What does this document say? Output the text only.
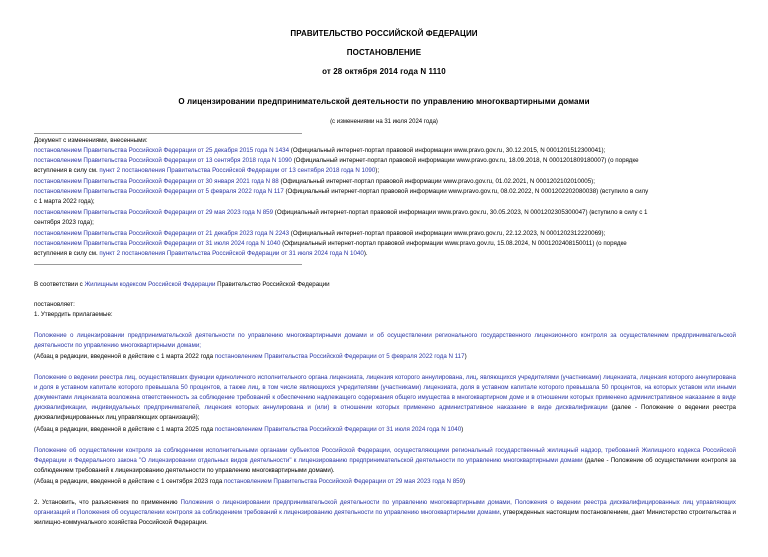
ПРАВИТЕЛЬСТВО РОССИЙСКОЙ ФЕДЕРАЦИИ
ПОСТАНОВЛЕНИЕ
от 28 октября 2014 года N 1110
О лицензировании предпринимательской деятельности по управлению многоквартирными домами
(с изменениями на 31 июля 2024 года)
Документ с изменениями, внесенными:
постановлением Правительства Российской Федерации от 25 декабря 2015 года N 1434 (Официальный интернет-портал правовой информации www.pravo.gov.ru, 30.12.2015, N 0001201512300041);
постановлением Правительства Российской Федерации от 13 сентября 2018 года N 1090 (Официальный интернет-портал правовой информации www.pravo.gov.ru, 18.09.2018, N 0001201809180007) (о порядке
вступления в силу см. пункт 2 постановления Правительства Российской Федерации от 13 сентября 2018 года N 1090);
постановлением Правительства Российской Федерации от 30 января 2021 года N 88 (Официальный интернет-портал правовой информации www.pravo.gov.ru, 01.02.2021, N 0001202102010005);
постановлением Правительства Российской Федерации от 5 февраля 2022 года N 117 (Официальный интернет-портал правовой информации www.pravo.gov.ru, 08.02.2022, N 0001202202080038) (вступило в силу
с 1 марта 2022 года);
постановлением Правительства Российской Федерации от 29 мая 2023 года N 859 (Официальный интернет-портал правовой информации www.pravo.gov.ru, 30.05.2023, N 0001202305300047) (вступило в силу с 1
сентября 2023 года);
постановлением Правительства Российской Федерации от 21 декабря 2023 года N 2243 (Официальный интернет-портал правовой информации www.pravo.gov.ru, 22.12.2023, N 0001202312220069);
постановлением Правительства Российской Федерации от 31 июля 2024 года N 1040 (Официальный интернет-портал правовой информации www.pravo.gov.ru, 15.08.2024, N 0001202408150011) (о порядке
вступления в силу см. пункт 2 постановления Правительства Российской Федерации от 31 июля 2024 года N 1040).
В соответствии с Жилищным кодексом Российской Федерации Правительство Российской Федерации
постановляет:
1. Утвердить прилагаемые:
Положение о лицензировании предпринимательской деятельности по управлению многоквартирными домами и об осуществлении регионального государственного лицензионного контроля за осуществлением предпринимательской деятельности по управлению многоквартирными домами;
(Абзац в редакции, введенной в действие с 1 марта 2022 года постановлением Правительства Российской Федерации от 5 февраля 2022 года N 117)
Положение о ведении реестра лиц, осуществлявших функции единоличного исполнительного органа лицензиата, лицензия которого аннулирована, лиц, являющихся учредителями (участниками) лицензиата, лицензия которого аннулирована и доля в уставном капитале которого превышала 50 процентов, а также лиц, в том числе являющихся учредителями (участниками) лицензиата, доля в уставном капитале которого превышала 50 процентов, на которых уставом или иными документами лицензиата возложена ответственность за соблюдение требований к обеспечению надлежащего содержания общего имущества в многоквартирном доме и в отношении которых применено административное наказание в виде дисквалификации, индивидуальных предпринимателей, лицензия которых аннулирована и (или) в отношении которых применено административное наказание в виде дисквалификации (далее - Положение о ведении реестра дисквалифицированных лиц управляющих организаций);
(Абзац в редакции, введенной в действие с 1 марта 2025 года постановлением Правительства Российской Федерации от 31 июля 2024 года N 1040)
Положение об осуществлении контроля за соблюдением исполнительными органами субъектов Российской Федерации, осуществляющими региональный государственный жилищный надзор, требований Жилищного кодекса Российской Федерации и Федерального закона "О лицензировании отдельных видов деятельности" к лицензированию предпринимательской деятельности по управлению многоквартирными домами (далее - Положение об осуществлении контроля за соблюдением требований к лицензированию деятельности по управлению многоквартирными домами).
(Абзац в редакции, введенной в действие с 1 сентября 2023 года постановлением Правительства Российской Федерации от 29 мая 2023 года N 859)
2. Установить, что разъяснения по применению Положения о лицензировании предпринимательской деятельности по управлению многоквартирными домами, Положения о ведении реестра дисквалифицированных лиц управляющих организаций и Положения об осуществлении контроля за соблюдением требований к лицензированию деятельности по управлению многоквартирными домами, утвержденных настоящим постановлением, дает Министерство строительства и жилищно-коммунального хозяйства Российской Федерации.
